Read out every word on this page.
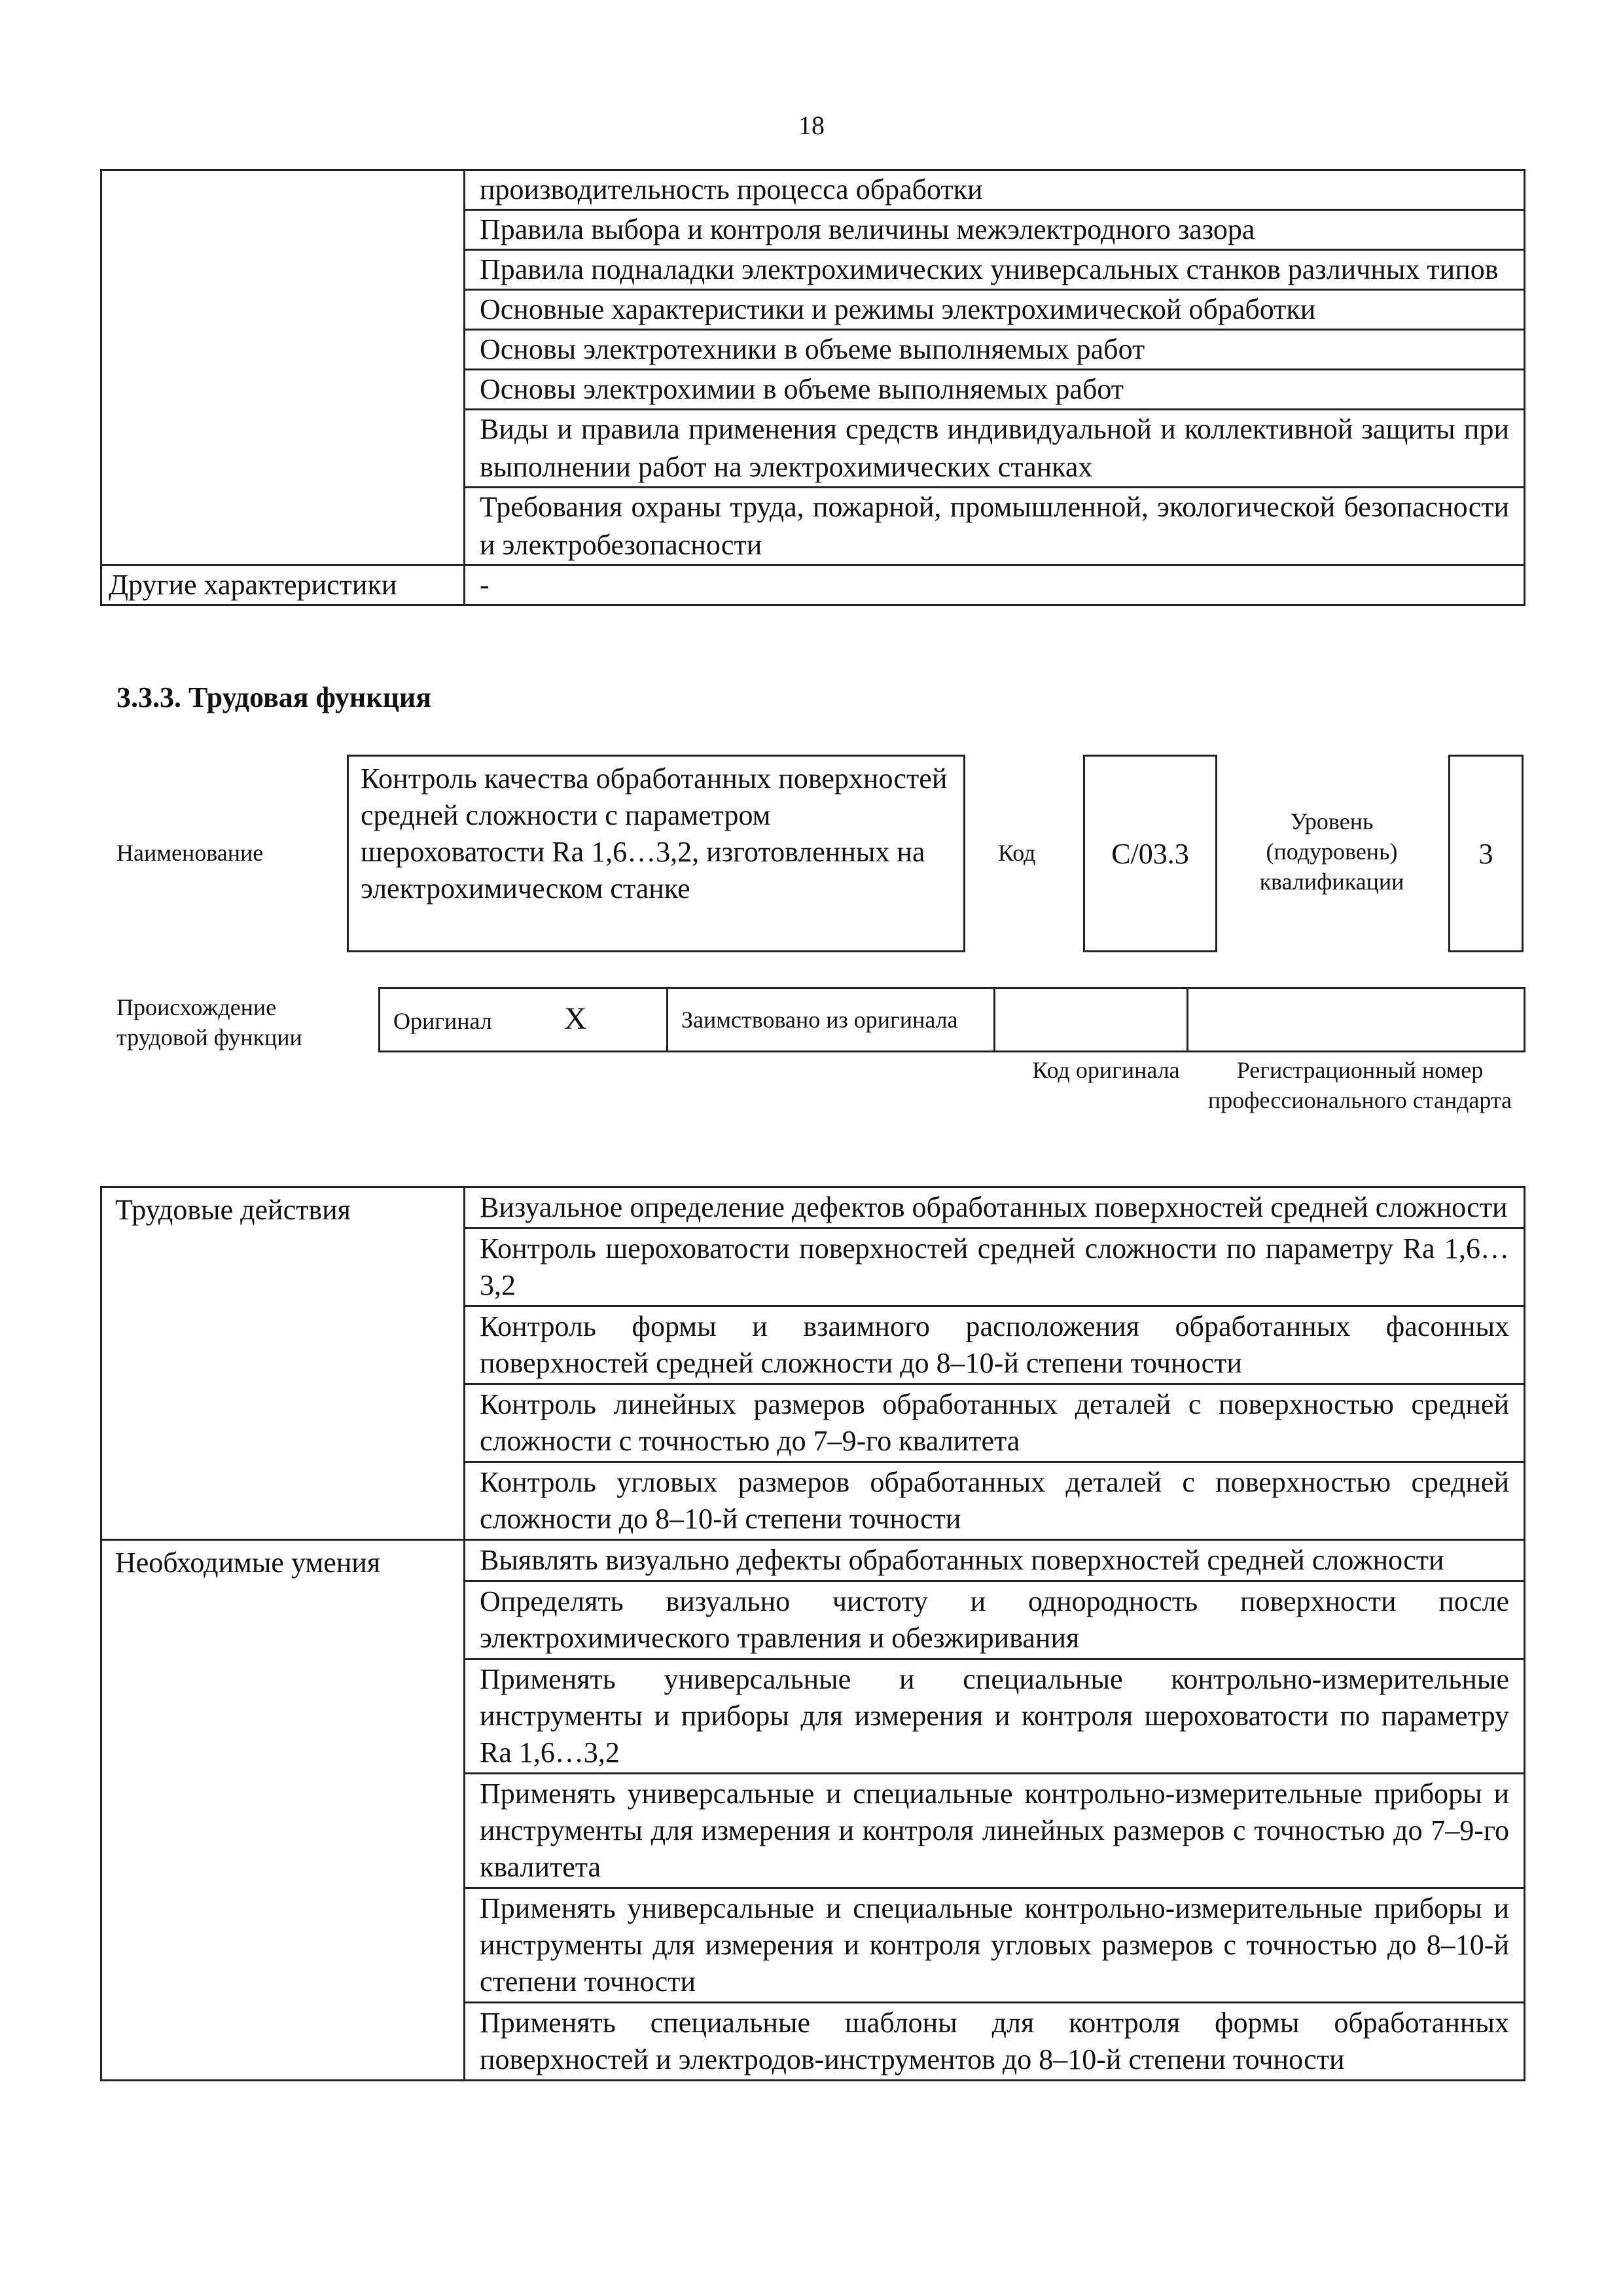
18
	производительность процесса обработки
	Правила выбора и контроля величины межэлектродного зазора
	Правила подналадки электрохимических универсальных станков различных типов
	Основные характеристики и режимы электрохимической обработки
	Основы электротехники в объеме выполняемых работ
	Основы электрохимии в объеме выполняемых работ
	Виды и правила применения средств индивидуальной и коллективной защиты при выполнении работ на электрохимических станках
	Требования охраны труда, пожарной, промышленной, экологической безопасности и электробезопасности
Другие характеристики	-
3.3.3. Трудовая функция
Наименование
Контроль качества обработанных поверхностей средней сложности с параметром шероховатости Ra 1,6…3,2, изготовленных на электрохимическом станке
Код	C/03.3
Уровень (подуровень) квалификации
3
Происхождение трудовой функции
Оригинал X	Заимствовано из оригинала		
Код оригинала	Регистрационный номер профессионального стандарта
Трудовые действия	Визуальное определение дефектов обработанных поверхностей средней сложности
	Контроль шероховатости поверхностей средней сложности по параметру Ra 1,6…3,2
	Контроль формы и взаимного расположения обработанных фасонных поверхностей средней сложности до 8–10-й степени точности
	Контроль линейных размеров обработанных деталей с поверхностью средней сложности с точностью до 7–9-го квалитета
	Контроль угловых размеров обработанных деталей с поверхностью средней сложности до 8–10-й степени точности
Необходимые умения	Выявлять визуально дефекты обработанных поверхностей средней сложности
	Определять визуально чистоту и однородность поверхности после электрохимического травления и обезжиривания
	Применять универсальные и специальные контрольно-измерительные инструменты и приборы для измерения и контроля шероховатости по параметру Ra 1,6…3,2
	Применять универсальные и специальные контрольно-измерительные приборы и инструменты для измерения и контроля линейных размеров с точностью до 7–9-го квалитета
	Применять универсальные и специальные контрольно-измерительные приборы и инструменты для измерения и контроля угловых размеров с точностью до 8–10-й степени точности
	Применять специальные шаблоны для контроля формы обработанных поверхностей и электродов-инструментов до 8–10-й степени точности
